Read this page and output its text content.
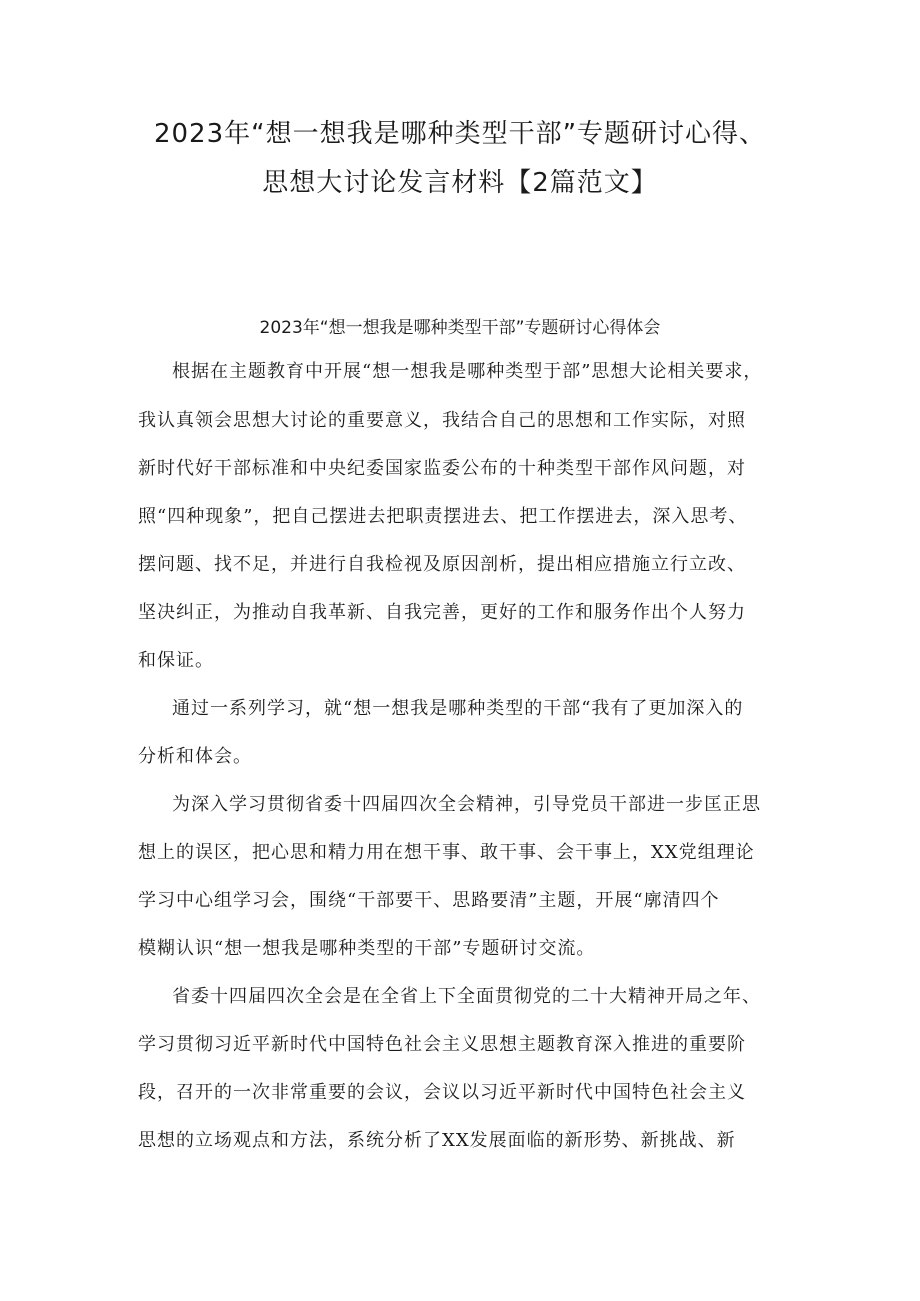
2023年“想一想我是哪种类型干部”专题研讨心得、
思想大讨论发言材料【2篇范文】
2023年“想一想我是哪种类型干部”专题研讨心得体会
根据在主题教育中开展“想一想我是哪种类型于部”思想大论相关要求，
我认真领会思想大讨论的重要意义，我结合自己的思想和工作实际，对照
新时代好干部标准和中央纪委国家监委公布的十种类型干部作风问题，对
照“四种现象”，把自己摆进去把职责摆进去、把工作摆进去，深入思考、
摆问题、找不足，并进行自我检视及原因剖析，提出相应措施立行立改、
坚决纠正，为推动自我革新、自我完善，更好的工作和服务作出个人努力
和保证。
通过一系列学习，就“想一想我是哪种类型的干部“我有了更加深入的
分析和体会。
为深入学习贯彻省委十四届四次全会精神，引导党员干部进一步匡正思
想上的误区，把心思和精力用在想干事、敢干事、会干事上，XX党组理论
学习中心组学习会，围绕“干部要干、思路要清”主题，开展“廓清四个
模糊认识“想一想我是哪种类型的干部”专题研讨交流。
省委十四届四次全会是在全省上下全面贯彻党的二十大精神开局之年、
学习贯彻习近平新时代中国特色社会主义思想主题教育深入推进的重要阶
段，召开的一次非常重要的会议，会议以习近平新时代中国特色社会主义
思想的立场观点和方法，系统分析了XX发展面临的新形势、新挑战、新
